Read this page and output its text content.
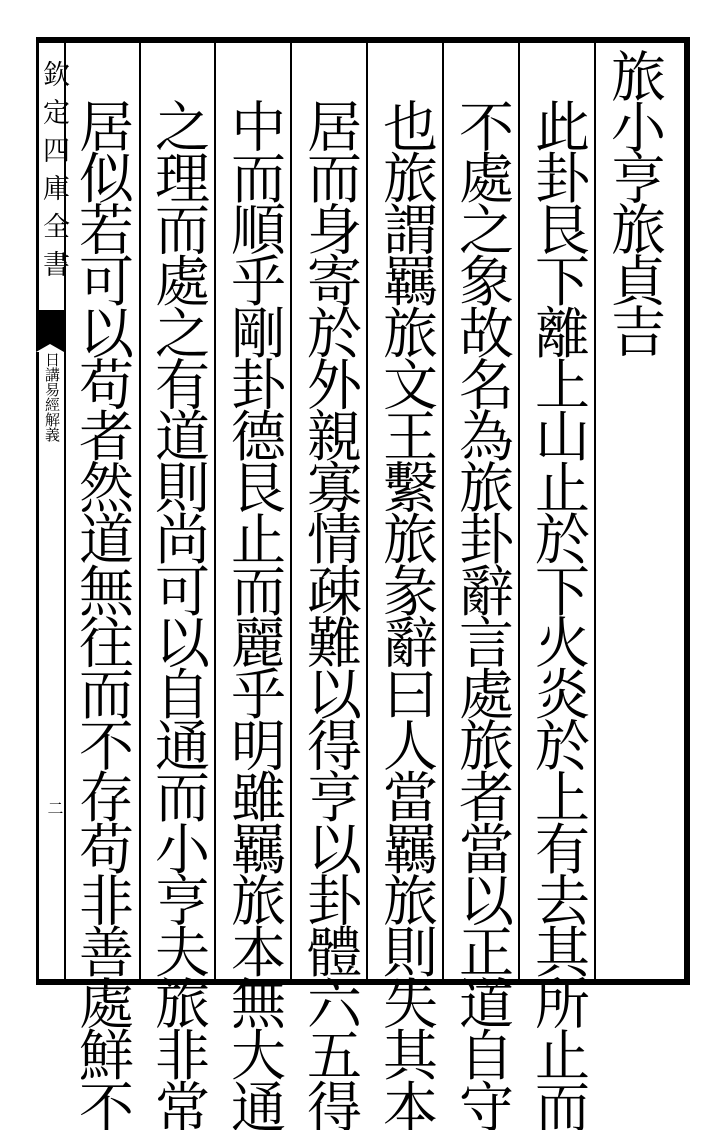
欽定四庫全書
日講易經解義
二
旅小亨旅貞吉
此卦艮下離上山止於下火炎於上有去其所止而
不處之象故名為旅卦辭言處旅者當以正道自守
也旅謂羈旅文王繫旅彖辭曰人當羈旅則失其本
居而身寄於外親寡情疎難以得亨以卦體六五得
中而順乎剛卦德艮止而麗乎明雖羈旅本無大通
之理而處之有道則尚可以自通而小亨夫旅非常
居似若可以苟者然道無往而不存苟非善處鮮不
